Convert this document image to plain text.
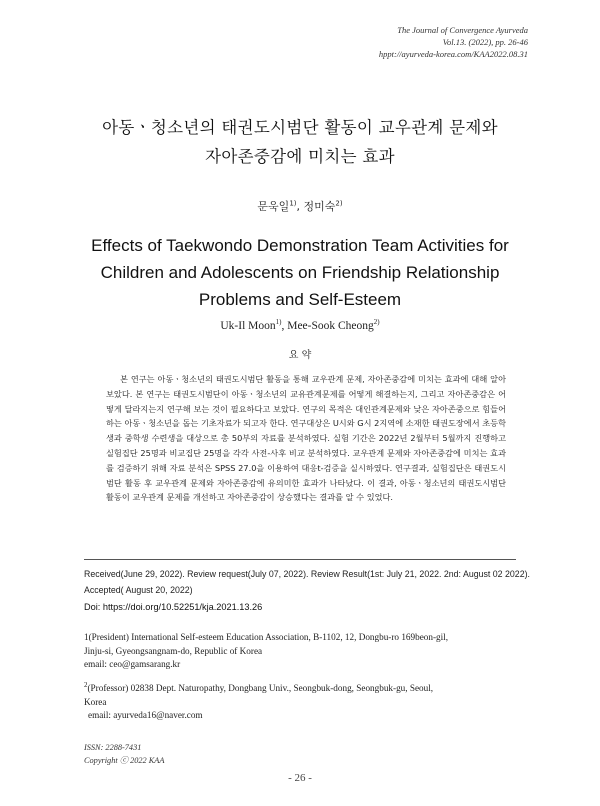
The Journal of Convergence Ayurveda
Vol.13. (2022), pp. 26-46
hppt://ayurveda-korea.com/KAA2022.08.31
아동ㆍ청소년의 태권도시범단 활동이 교우관계 문제와
자아존중감에 미치는 효과
문욱일$^{1)}$, 정미숙$^{2)}$
Effects of Taekwondo Demonstration Team Activities for
Children and Adolescents on Friendship Relationship
Problems and Self-Esteem
Uk-Il Moon$^{1)}$, Mee-Sook Cheong$^{2)}$
요 약

본 연구는 아동ㆍ청소년의 태권도시범단 활동을 통해 교우관계 문제, 자아존중감에 미치는 효과에 대해 알아보았다. 본 연구는 태권도시범단이 아동ㆍ청소년의 교유관계문제를 어떻게 해결하는지, 그리고 자아존중감은 어떻게 달라지는지 연구해 보는 것이 필요하다고 보았다. 연구의 목적은 대인관계문제와 낮은 자아존중으로 힘들어 하는 아동ㆍ청소년을 돕는 기초자료가 되고자 한다. 연구대상은 U시와 G시 2지역에 소재한 태권도장에서 초등학생과 중학생 수련생을 대상으로 총 50부의 자료를 분석하였다. 실험 기간은 2022년 2월부터 5월까지 진행하고 실험집단 25명과 비교집단 25명을 각각 사전-사후 비교 분석하였다. 교우관계 문제와 자아존중감에 미치는 효과를 검증하기 위해 자료 분석은 SPSS 27.0을 이용하여 대응t-검증을 실시하였다. 연구결과, 실험집단은 태권도시범단 활동 후 교우관계 문제와 자아존중감에 유의미한 효과가 나타났다. 이 결과, 아동ㆍ청소년의 태권도시범단 활동이 교우관계 문제를 개선하고 자아존중감이 상승했다는 결과를 알 수 있었다.

Received(June 29, 2022). Review request(July 07, 2022). Review Result(1st: July 21, 2022. 2nd: August 02 2022).
Accepted( August 20, 2022)
Doi: https://doi.org/10.52251/kja.2021.13.26
1(President) International Self-esteem Education Association, B-1102, 12, Dongbu-ro 169beon-gil,
Jinju-si, Gyeongsangnam-do, Republic of Korea
email: ceo@gamsarang.kr
$^2$(Professor) 02838 Dept. Naturopathy, Dongbang Univ., Seongbuk-dong, Seongbuk-gu, Seoul,
Korea
email: ayurveda16@naver.com
ISSN: 2288-7431
Copyright ⓒ 2022 KAA
- 26 -
